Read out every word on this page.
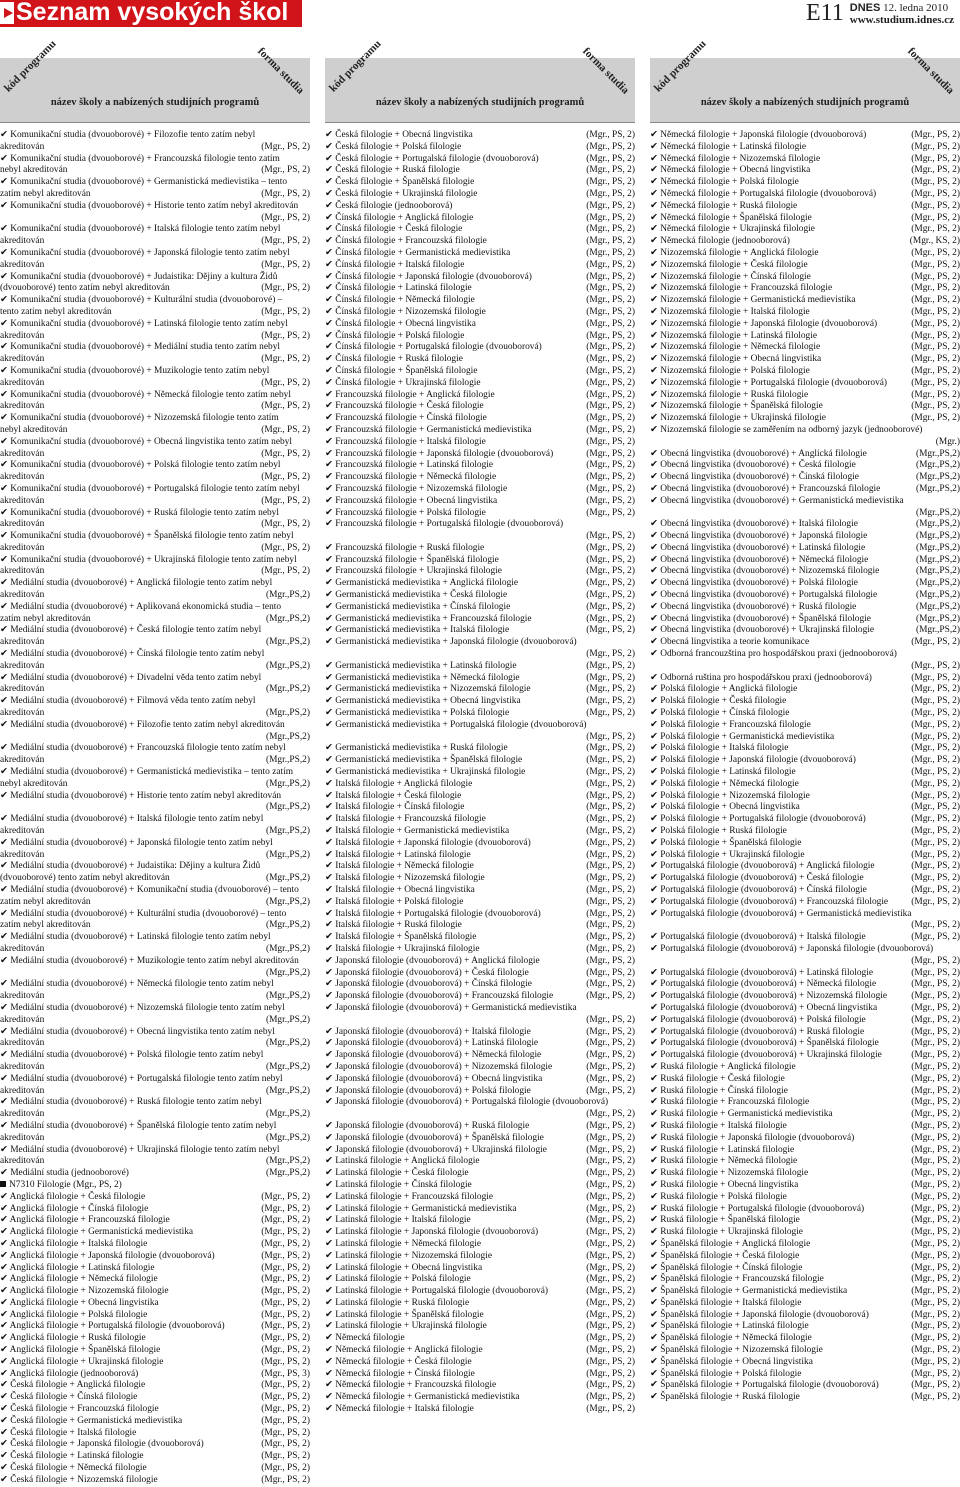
Seznam vysokých škol	E11 DNES 12. ledna 2010
www.studium.idnes.cz
kód programu
název školy a nabízených studijních programů
forma studia
✔ Komunikační studia (dvouoborové) + Filozofie tento zatím nebyl akreditován	(Mgr., PS, 2)
✔ Komunikační studia (dvouoborové) + Francouzská filologie tento zatím nebyl akreditován	(Mgr., PS, 2)
✔ Komunikační studia (dvouoborové) + Germanistická medievistika – tento zatím nebyl akreditován	(Mgr., PS, 2)
✔ Komunikační studia (dvouoborové) + Historie tento zatím nebyl akreditován
(Mgr., PS, 2)
✔ Komunikační studia (dvouoborové) + Italská filologie tento zatím nebyl akreditován	(Mgr., PS, 2)
✔ Komunikační studia (dvouoborové) + Japonská filologie tento zatím nebyl akreditován	(Mgr., PS, 2)
✔ Komunikační studia (dvouoborové) + Judaistika: Dějiny a kultura Židů (dvouoborové) tento zatím nebyl akreditován	(Mgr., PS, 2)
✔ Komunikační studia (dvouoborové) + Kulturální studia (dvouoborové) – tento zatím nebyl akreditován	(Mgr., PS, 2)
✔ Komunikační studia (dvouoborové) + Latinská filologie tento zatím nebyl akreditován	(Mgr., PS, 2)
✔ Komunikační studia (dvouoborové) + Mediální studia tento zatím nebyl akreditován	(Mgr., PS, 2)
✔ Komunikační studia (dvouoborové) + Muzikologie tento zatím nebyl akreditován	(Mgr., PS, 2)
✔ Komunikační studia (dvouoborové) + Německá filologie tento zatím nebyl akreditován	(Mgr., PS, 2)
✔ Komunikační studia (dvouoborové) + Nizozemská filologie tento zatím nebyl akreditován	(Mgr., PS, 2)
✔ Komunikační studia (dvouoborové) + Obecná lingvistika tento zatím nebyl akreditován	(Mgr., PS, 2)
✔ Komunikační studia (dvouoborové) + Polská filologie tento zatím nebyl akreditován	(Mgr., PS, 2)
✔ Komunikační studia (dvouoborové) + Portugalská filologie tento zatím nebyl akreditován	(Mgr., PS, 2)
✔ Komunikační studia (dvouoborové) + Ruská filologie tento zatím nebyl akreditován	(Mgr., PS, 2)
✔ Komunikační studia (dvouoborové) + Španělská filologie tento zatím nebyl akreditován	(Mgr., PS, 2)
✔ Komunikační studia (dvouoborové) + Ukrajinská filologie tento zatím nebyl akreditován	(Mgr., PS, 2)
✔ Mediální studia (dvouoborové) + Anglická filologie tento zatím nebyl akreditován	(Mgr.,PS,2)
✔ Mediální studia (dvouoborové) + Aplikovaná ekonomická studia – tento zatím nebyl akreditován	(Mgr.,PS,2)
✔ Mediální studia (dvouoborové) + Česká filologie tento zatím nebyl akreditován	(Mgr.,PS,2)
✔ Mediální studia (dvouoborové) + Čínská filologie tento zatím nebyl akreditován	(Mgr.,PS,2)
✔ Mediální studia (dvouoborové) + Divadelní věda tento zatím nebyl akreditován	(Mgr.,PS,2)
✔ Mediální studia (dvouoborové) + Filmová věda tento zatím nebyl akreditován	(Mgr.,PS,2)
✔ Mediální studia (dvouoborové) + Filozofie tento zatím nebyl akreditován
(Mgr.,PS,2)
✔ Mediální studia (dvouoborové) + Francouzská filologie tento zatím nebyl akreditován	(Mgr.,PS,2)
✔ Mediální studia (dvouoborové) + Germanistická medievistika – tento zatím nebyl akreditován	(Mgr.,PS,2)
✔ Mediální studia (dvouoborové) + Historie tento zatím nebyl akreditován
(Mgr.,PS,2)
✔ Mediální studia (dvouoborové) + Italská filologie tento zatím nebyl akreditován	(Mgr.,PS,2)
✔ Mediální studia (dvouoborové) + Japonská filologie tento zatím nebyl akreditován	(Mgr.,PS,2)
✔ Mediální studia (dvouoborové) + Judaistika: Dějiny a kultura Židů (dvouoborové) tento zatím nebyl akreditován	(Mgr.,PS,2)
✔ Mediální studia (dvouoborové) + Komunikační studia (dvouoborové) – tento zatím nebyl akreditován	(Mgr.,PS,2)
✔ Mediální studia (dvouoborové) + Kulturální studia (dvouoborové) – tento zatím nebyl akreditován	(Mgr.,PS,2)
✔ Mediální studia (dvouoborové) + Latinská filologie tento zatím nebyl akreditován	(Mgr.,PS,2)
✔ Mediální studia (dvouoborové) + Muzikologie tento zatím nebyl akreditován
(Mgr.,PS,2)
✔ Mediální studia (dvouoborové) + Německá filologie tento zatím nebyl akreditován	(Mgr.,PS,2)
✔ Mediální studia (dvouoborové) + Nizozemská filologie tento zatím nebyl akreditován	(Mgr.,PS,2)
✔ Mediální studia (dvouoborové) + Obecná lingvistika tento zatím nebyl akreditován	(Mgr.,PS,2)
✔ Mediální studia (dvouoborové) + Polská filologie tento zatím nebyl akreditován	(Mgr.,PS,2)
✔ Mediální studia (dvouoborové) + Portugalská filologie tento zatím nebyl akreditován	(Mgr.,PS,2)
✔ Mediální studia (dvouoborové) + Ruská filologie tento zatím nebyl akreditován	(Mgr.,PS,2)
✔ Mediální studia (dvouoborové) + Španělská filologie tento zatím nebyl akreditován	(Mgr.,PS,2)
✔ Mediální studia (dvouoborové) + Ukrajinská filologie tento zatím nebyl akreditován	(Mgr.,PS,2)
✔ Mediální studia (jednooborové)	(Mgr.,PS,2)
N7310 Filologie (Mgr., PS, 2)
✔ Anglická filologie + Česká filologie	(Mgr., PS, 2)
✔ Anglická filologie + Čínská filologie	(Mgr., PS, 2)
✔ Anglická filologie + Francouzská filologie	(Mgr., PS, 2)
✔ Anglická filologie + Germanistická medievistika	(Mgr., PS, 2)
✔ Anglická filologie + Italská filologie	(Mgr., PS, 2)
✔ Anglická filologie + Japonská filologie (dvouoborová)	(Mgr., PS, 2)
✔ Anglická filologie + Latinská filologie	(Mgr., PS, 2)
✔ Anglická filologie + Německá filologie	(Mgr., PS, 2)
✔ Anglická filologie + Nizozemská filologie	(Mgr., PS, 2)
✔ Anglická filologie + Obecná lingvistika	(Mgr., PS, 2)
✔ Anglická filologie + Polská filologie	(Mgr., PS, 2)
✔ Anglická filologie + Portugalská filologie (dvouoborová)	(Mgr., PS, 2)
✔ Anglická filologie + Ruská filologie	(Mgr., PS, 2)
✔ Anglická filologie + Španělská filologie	(Mgr., PS, 2)
✔ Anglická filologie + Ukrajinská filologie	(Mgr., PS, 2)
✔ Anglická filologie (jednooborová)	(Mgr., PS, 3)
✔ Česká filologie + Anglická filologie	(Mgr., PS, 2)
✔ Česká filologie + Čínská filologie	(Mgr., PS, 2)
✔ Česká filologie + Francouzská filologie	(Mgr., PS, 2)
✔ Česká filologie + Germanistická medievistika	(Mgr., PS, 2)
✔ Česká filologie + Italská filologie	(Mgr., PS, 2)
✔ Česká filologie + Japonská filologie (dvouoborová)	(Mgr., PS, 2)
✔ Česká filologie + Latinská filologie	(Mgr., PS, 2)
✔ Česká filologie + Německá filologie	(Mgr., PS, 2)
✔ Česká filologie + Nizozemská filologie	(Mgr., PS, 2)
kód programu
název školy a nabízených studijních programů
forma studia
✔ Česká filologie + Obecná lingvistika	(Mgr., PS, 2)
✔ Česká filologie + Polská filologie	(Mgr., PS, 2)
✔ Česká filologie + Portugalská filologie (dvouoborová)	(Mgr., PS, 2)
✔ Česká filologie + Ruská filologie	(Mgr., PS, 2)
✔ Česká filologie + Španělská filologie	(Mgr., PS, 2)
✔ Česká filologie + Ukrajinská filologie	(Mgr., PS, 2)
✔ Česká filologie (jednooborová)	(Mgr., PS, 2)
✔ Čínská filologie + Anglická filologie	(Mgr., PS, 2)
✔ Čínská filologie + Česká filologie	(Mgr., PS, 2)
✔ Čínská filologie + Francouzská filologie	(Mgr., PS, 2)
✔ Čínská filologie + Germanistická medievistika	(Mgr., PS, 2)
✔ Čínská filologie + Italská filologie	(Mgr., PS, 2)
✔ Čínská filologie + Japonská filologie (dvouoborová)	(Mgr., PS, 2)
✔ Čínská filologie + Latinská filologie	(Mgr., PS, 2)
✔ Čínská filologie + Německá filologie	(Mgr., PS, 2)
✔ Čínská filologie + Nizozemská filologie	(Mgr., PS, 2)
✔ Čínská filologie + Obecná lingvistika	(Mgr., PS, 2)
✔ Čínská filologie + Polská filologie	(Mgr., PS, 2)
✔ Čínská filologie + Portugalská filologie (dvouoborová)	(Mgr., PS, 2)
✔ Čínská filologie + Ruská filologie	(Mgr., PS, 2)
✔ Čínská filologie + Španělská filologie	(Mgr., PS, 2)
✔ Čínská filologie + Ukrajinská filologie	(Mgr., PS, 2)
✔ Francouzská filologie + Anglická filologie	(Mgr., PS, 2)
✔ Francouzská filologie + Česká filologie	(Mgr., PS, 2)
✔ Francouzská filologie + Čínská filologie	(Mgr., PS, 2)
✔ Francouzská filologie + Germanistická medievistika	(Mgr., PS, 2)
✔ Francouzská filologie + Italská filologie	(Mgr., PS, 2)
✔ Francouzská filologie + Japonská filologie (dvouoborová)	(Mgr., PS, 2)
✔ Francouzská filologie + Latinská filologie	(Mgr., PS, 2)
✔ Francouzská filologie + Německá filologie	(Mgr., PS, 2)
✔ Francouzská filologie + Nizozemská filologie	(Mgr., PS, 2)
✔ Francouzská filologie + Obecná lingvistika	(Mgr., PS, 2)
✔ Francouzská filologie + Polská filologie	(Mgr., PS, 2)
✔ Francouzská filologie + Portugalská filologie (dvouoborová)
(Mgr., PS, 2)
✔ Francouzská filologie + Ruská filologie	(Mgr., PS, 2)
✔ Francouzská filologie + Španělská filologie	(Mgr., PS, 2)
✔ Francouzská filologie + Ukrajinská filologie	(Mgr., PS, 2)
✔ Germanistická medievistika + Anglická filologie	(Mgr., PS, 2)
✔ Germanistická medievistika + Česká filologie	(Mgr., PS, 2)
✔ Germanistická medievistika + Čínská filologie	(Mgr., PS, 2)
✔ Germanistická medievistika + Francouzská filologie	(Mgr., PS, 2)
✔ Germanistická medievistika + Italská filologie	(Mgr., PS, 2)
✔ Germanistická medievistika + Japonská filologie (dvouoborová)
(Mgr., PS, 2)
✔ Germanistická medievistika + Latinská filologie	(Mgr., PS, 2)
✔ Germanistická medievistika + Německá filologie	(Mgr., PS, 2)
✔ Germanistická medievistika + Nizozemská filologie	(Mgr., PS, 2)
✔ Germanistická medievistika + Obecná lingvistika	(Mgr., PS, 2)
✔ Germanistická medievistika + Polská filologie	(Mgr., PS, 2)
✔ Germanistická medievistika + Portugalská filologie (dvouoborová)
(Mgr., PS, 2)
✔ Germanistická medievistika + Ruská filologie	(Mgr., PS, 2)
✔ Germanistická medievistika + Španělská filologie	(Mgr., PS, 2)
✔ Germanistická medievistika + Ukrajinská filologie	(Mgr., PS, 2)
✔ Italská filologie + Anglická filologie	(Mgr., PS, 2)
✔ Italská filologie + Česká filologie	(Mgr., PS, 2)
✔ Italská filologie + Čínská filologie	(Mgr., PS, 2)
✔ Italská filologie + Francouzská filologie	(Mgr., PS, 2)
✔ Italská filologie + Germanistická medievistika	(Mgr., PS, 2)
✔ Italská filologie + Japonská filologie (dvouoborová)	(Mgr., PS, 2)
✔ Italská filologie + Latinská filologie	(Mgr., PS, 2)
✔ Italská filologie + Německá filologie	(Mgr., PS, 2)
✔ Italská filologie + Nizozemská filologie	(Mgr., PS, 2)
✔ Italská filologie + Obecná lingvistika	(Mgr., PS, 2)
✔ Italská filologie + Polská filologie	(Mgr., PS, 2)
✔ Italská filologie + Portugalská filologie (dvouoborová)	(Mgr., PS, 2)
✔ Italská filologie + Ruská filologie	(Mgr., PS, 2)
✔ Italská filologie + Španělská filologie	(Mgr., PS, 2)
✔ Italská filologie + Ukrajinská filologie	(Mgr., PS, 2)
✔ Japonská filologie (dvouoborová) + Anglická filologie	(Mgr., PS, 2)
✔ Japonská filologie (dvouoborová) + Česká filologie	(Mgr., PS, 2)
✔ Japonská filologie (dvouoborová) + Čínská filologie	(Mgr., PS, 2)
✔ Japonská filologie (dvouoborová) + Francouzská filologie	(Mgr., PS, 2)
✔ Japonská filologie (dvouoborová) + Germanistická medievistika
(Mgr., PS, 2)
✔ Japonská filologie (dvouoborová) + Italská filologie	(Mgr., PS, 2)
✔ Japonská filologie (dvouoborová) + Latinská filologie	(Mgr., PS, 2)
✔ Japonská filologie (dvouoborová) + Německá filologie	(Mgr., PS, 2)
✔ Japonská filologie (dvouoborová) + Nizozemská filologie	(Mgr., PS, 2)
✔ Japonská filologie (dvouoborová) + Obecná lingvistika	(Mgr., PS, 2)
✔ Japonská filologie (dvouoborová) + Polská filologie	(Mgr., PS, 2)
✔ Japonská filologie (dvouoborová) + Portugalská filologie (dvouoborová)
(Mgr., PS, 2)
✔ Japonská filologie (dvouoborová) + Ruská filologie	(Mgr., PS, 2)
✔ Japonská filologie (dvouoborová) + Španělská filologie	(Mgr., PS, 2)
✔ Japonská filologie (dvouoborová) + Ukrajinská filologie	(Mgr., PS, 2)
✔ Latinská filologie + Anglická filologie	(Mgr., PS, 2)
✔ Latinská filologie + Česká filologie	(Mgr., PS, 2)
✔ Latinská filologie + Čínská filologie	(Mgr., PS, 2)
✔ Latinská filologie + Francouzská filologie	(Mgr., PS, 2)
✔ Latinská filologie + Germanistická medievistika	(Mgr., PS, 2)
✔ Latinská filologie + Italská filologie	(Mgr., PS, 2)
✔ Latinská filologie + Japonská filologie (dvouoborová)	(Mgr., PS, 2)
✔ Latinská filologie + Německá filologie	(Mgr., PS, 2)
✔ Latinská filologie + Nizozemská filologie	(Mgr., PS, 2)
✔ Latinská filologie + Obecná lingvistika	(Mgr., PS, 2)
✔ Latinská filologie + Polská filologie	(Mgr., PS, 2)
✔ Latinská filologie + Portugalská filologie (dvouoborová)	(Mgr., PS, 2)
✔ Latinská filologie + Ruská filologie	(Mgr., PS, 2)
✔ Latinská filologie + Španělská filologie	(Mgr., PS, 2)
✔ Latinská filologie + Ukrajinská filologie	(Mgr., PS, 2)
✔ Německá filologie	(Mgr., PS, 2)
✔ Německá filologie + Anglická filologie	(Mgr., PS, 2)
✔ Německá filologie + Česká filologie	(Mgr., PS, 2)
✔ Německá filologie + Čínská filologie	(Mgr., PS, 2)
✔ Německá filologie + Francouzská filologie	(Mgr., PS, 2)
✔ Německá filologie + Germanistická medievistika	(Mgr., PS, 2)
✔ Německá filologie + Italská filologie	(Mgr., PS, 2)
kód programu
název školy a nabízených studijních programů
forma studia
✔ Německá filologie + Japonská filologie (dvouoborová)	(Mgr., PS, 2)
✔ Německá filologie + Latinská filologie	(Mgr., PS, 2)
✔ Německá filologie + Nizozemská filologie	(Mgr., PS, 2)
✔ Německá filologie + Obecná lingvistika	(Mgr., PS, 2)
✔ Německá filologie + Polská filologie	(Mgr., PS, 2)
✔ Německá filologie + Portugalská filologie (dvouoborová)	(Mgr., PS, 2)
✔ Německá filologie + Ruská filologie	(Mgr., PS, 2)
✔ Německá filologie + Španělská filologie	(Mgr., PS, 2)
✔ Německá filologie + Ukrajinská filologie	(Mgr., PS, 2)
✔ Německá filologie (jednooborová)	(Mgr., KS, 2)
✔ Nizozemská filologie + Anglická filologie	(Mgr., PS, 2)
✔ Nizozemská filologie + Česká filologie	(Mgr., PS, 2)
✔ Nizozemská filologie + Čínská filologie	(Mgr., PS, 2)
✔ Nizozemská filologie + Francouzská filologie	(Mgr., PS, 2)
✔ Nizozemská filologie + Germanistická medievistika	(Mgr., PS, 2)
✔ Nizozemská filologie + Italská filologie	(Mgr., PS, 2)
✔ Nizozemská filologie + Japonská filologie (dvouoborová)	(Mgr., PS, 2)
✔ Nizozemská filologie + Latinská filologie	(Mgr., PS, 2)
✔ Nizozemská filologie + Německá filologie	(Mgr., PS, 2)
✔ Nizozemská filologie + Obecná lingvistika	(Mgr., PS, 2)
✔ Nizozemská filologie + Polská filologie	(Mgr., PS, 2)
✔ Nizozemská filologie + Portugalská filologie (dvouoborová)	(Mgr., PS, 2)
✔ Nizozemská filologie + Ruská filologie	(Mgr., PS, 2)
✔ Nizozemská filologie + Španělská filologie	(Mgr., PS, 2)
✔ Nizozemská filologie + Ukrajinská filologie	(Mgr., PS, 2)
✔ Nizozemská filologie se zaměřením na odborný jazyk (jednooborové)
(Mgr.)
✔ Obecná lingvistika (dvouoborové) + Anglická filologie	(Mgr.,PS,2)
✔ Obecná lingvistika (dvouoborové) + Česká filologie	(Mgr.,PS,2)
✔ Obecná lingvistika (dvouoborové) + Čínská filologie	(Mgr.,PS,2)
✔ Obecná lingvistika (dvouoborové) + Francouzská filologie	(Mgr.,PS,2)
✔ Obecná lingvistika (dvouoborové) + Germanistická medievistika
(Mgr.,PS,2)
✔ Obecná lingvistika (dvouoborové) + Italská filologie	(Mgr.,PS,2)
✔ Obecná lingvistika (dvouoborové) + Japonská filologie	(Mgr.,PS,2)
✔ Obecná lingvistika (dvouoborové) + Latinská filologie	(Mgr.,PS,2)
✔ Obecná lingvistika (dvouoborové) + Německá filologie	(Mgr.,PS,2)
✔ Obecná lingvistika (dvouoborové) + Nizozemská filologie	(Mgr.,PS,2)
✔ Obecná lingvistika (dvouoborové) + Polská filologie	(Mgr.,PS,2)
✔ Obecná lingvistika (dvouoborové) + Portugalská filologie	(Mgr.,PS,2)
✔ Obecná lingvistika (dvouoborové) + Ruská filologie	(Mgr.,PS,2)
✔ Obecná lingvistika (dvouoborové) + Španělská filologie	(Mgr.,PS,2)
✔ Obecná lingvistika (dvouoborové) + Ukrajinská filologie	(Mgr.,PS,2)
✔ Obecná lingvistika a teorie komunikace	(Mgr., PS, 2)
✔ Odborná francouzština pro hospodářskou praxi (jednooborová)
(Mgr., PS, 2)
✔ Odborná ruština pro hospodářskou praxi (jednooborová)	(Mgr., PS, 2)
✔ Polská filologie + Anglická filologie	(Mgr., PS, 2)
✔ Polská filologie + Česká filologie	(Mgr., PS, 2)
✔ Polská filologie + Čínská filologie	(Mgr., PS, 2)
✔ Polská filologie + Francouzská filologie	(Mgr., PS, 2)
✔ Polská filologie + Germanistická medievistika	(Mgr., PS, 2)
✔ Polská filologie + Italská filologie	(Mgr., PS, 2)
✔ Polská filologie + Japonská filologie (dvouoborová)	(Mgr., PS, 2)
✔ Polská filologie + Latinská filologie	(Mgr., PS, 2)
✔ Polská filologie + Německá filologie	(Mgr., PS, 2)
✔ Polská filologie + Nizozemská filologie	(Mgr., PS, 2)
✔ Polská filologie + Obecná lingvistika	(Mgr., PS, 2)
✔ Polská filologie + Portugalská filologie (dvouoborová)	(Mgr., PS, 2)
✔ Polská filologie + Ruská filologie	(Mgr., PS, 2)
✔ Polská filologie + Španělská filologie	(Mgr., PS, 2)
✔ Polská filologie + Ukrajinská filologie	(Mgr., PS, 2)
✔ Portugalská filologie (dvouoborová) + Anglická filologie	(Mgr., PS, 2)
✔ Portugalská filologie (dvouoborová) + Česká filologie	(Mgr., PS, 2)
✔ Portugalská filologie (dvouoborová) + Čínská filologie	(Mgr., PS, 2)
✔ Portugalská filologie (dvouoborová) + Francouzská filologie (Mgr., PS, 2)
✔ Portugalská filologie (dvouoborová) + Germanistická medievistika
(Mgr., PS, 2)
✔ Portugalská filologie (dvouoborová) + Italská filologie	(Mgr., PS, 2)
✔ Portugalská filologie (dvouoborová) + Japonská filologie (dvouoborová)
(Mgr., PS, 2)
✔ Portugalská filologie (dvouoborová) + Latinská filologie	(Mgr., PS, 2)
✔ Portugalská filologie (dvouoborová) + Německá filologie	(Mgr., PS, 2)
✔ Portugalská filologie (dvouoborová) + Nizozemská filologie	(Mgr., PS, 2)
✔ Portugalská filologie (dvouoborová) + Obecná lingvistika	(Mgr., PS, 2)
✔ Portugalská filologie (dvouoborová) + Polská filologie	(Mgr., PS, 2)
✔ Portugalská filologie (dvouoborová) + Ruská filologie	(Mgr., PS, 2)
✔ Portugalská filologie (dvouoborová) + Španělská filologie	(Mgr., PS, 2)
✔ Portugalská filologie (dvouoborová) + Ukrajinská filologie	(Mgr., PS, 2)
✔ Ruská filologie + Anglická filologie	(Mgr., PS, 2)
✔ Ruská filologie + Česká filologie	(Mgr., PS, 2)
✔ Ruská filologie + Čínská filologie	(Mgr., PS, 2)
✔ Ruská filologie + Francouzská filologie	(Mgr., PS, 2)
✔ Ruská filologie + Germanistická medievistika	(Mgr., PS, 2)
✔ Ruská filologie + Italská filologie	(Mgr., PS, 2)
✔ Ruská filologie + Japonská filologie (dvouoborová)	(Mgr., PS, 2)
✔ Ruská filologie + Latinská filologie	(Mgr., PS, 2)
✔ Ruská filologie + Německá filologie	(Mgr., PS, 2)
✔ Ruská filologie + Nizozemská filologie	(Mgr., PS, 2)
✔ Ruská filologie + Obecná lingvistika	(Mgr., PS, 2)
✔ Ruská filologie + Polská filologie	(Mgr., PS, 2)
✔ Ruská filologie + Portugalská filologie (dvouoborová)	(Mgr., PS, 2)
✔ Ruská filologie + Španělská filologie	(Mgr., PS, 2)
✔ Ruská filologie + Ukrajinská filologie	(Mgr., PS, 2)
✔ Španělská filologie + Anglická filologie	(Mgr., PS, 2)
✔ Španělská filologie + Česká filologie	(Mgr., PS, 2)
✔ Španělská filologie + Čínská filologie	(Mgr., PS, 2)
✔ Španělská filologie + Francouzská filologie	(Mgr., PS, 2)
✔ Španělská filologie + Germanistická medievistika	(Mgr., PS, 2)
✔ Španělská filologie + Italská filologie	(Mgr., PS, 2)
✔ Španělská filologie + Japonská filologie (dvouoborová)	(Mgr., PS, 2)
✔ Španělská filologie + Latinská filologie	(Mgr., PS, 2)
✔ Španělská filologie + Německá filologie	(Mgr., PS, 2)
✔ Španělská filologie + Nizozemská filologie	(Mgr., PS, 2)
✔ Španělská filologie + Obecná lingvistika	(Mgr., PS, 2)
✔ Španělská filologie + Polská filologie	(Mgr., PS, 2)
✔ Španělská filologie + Portugalská filologie (dvouoborová)	(Mgr., PS, 2)
✔ Španělská filologie + Ruská filologie	(Mgr., PS, 2)
